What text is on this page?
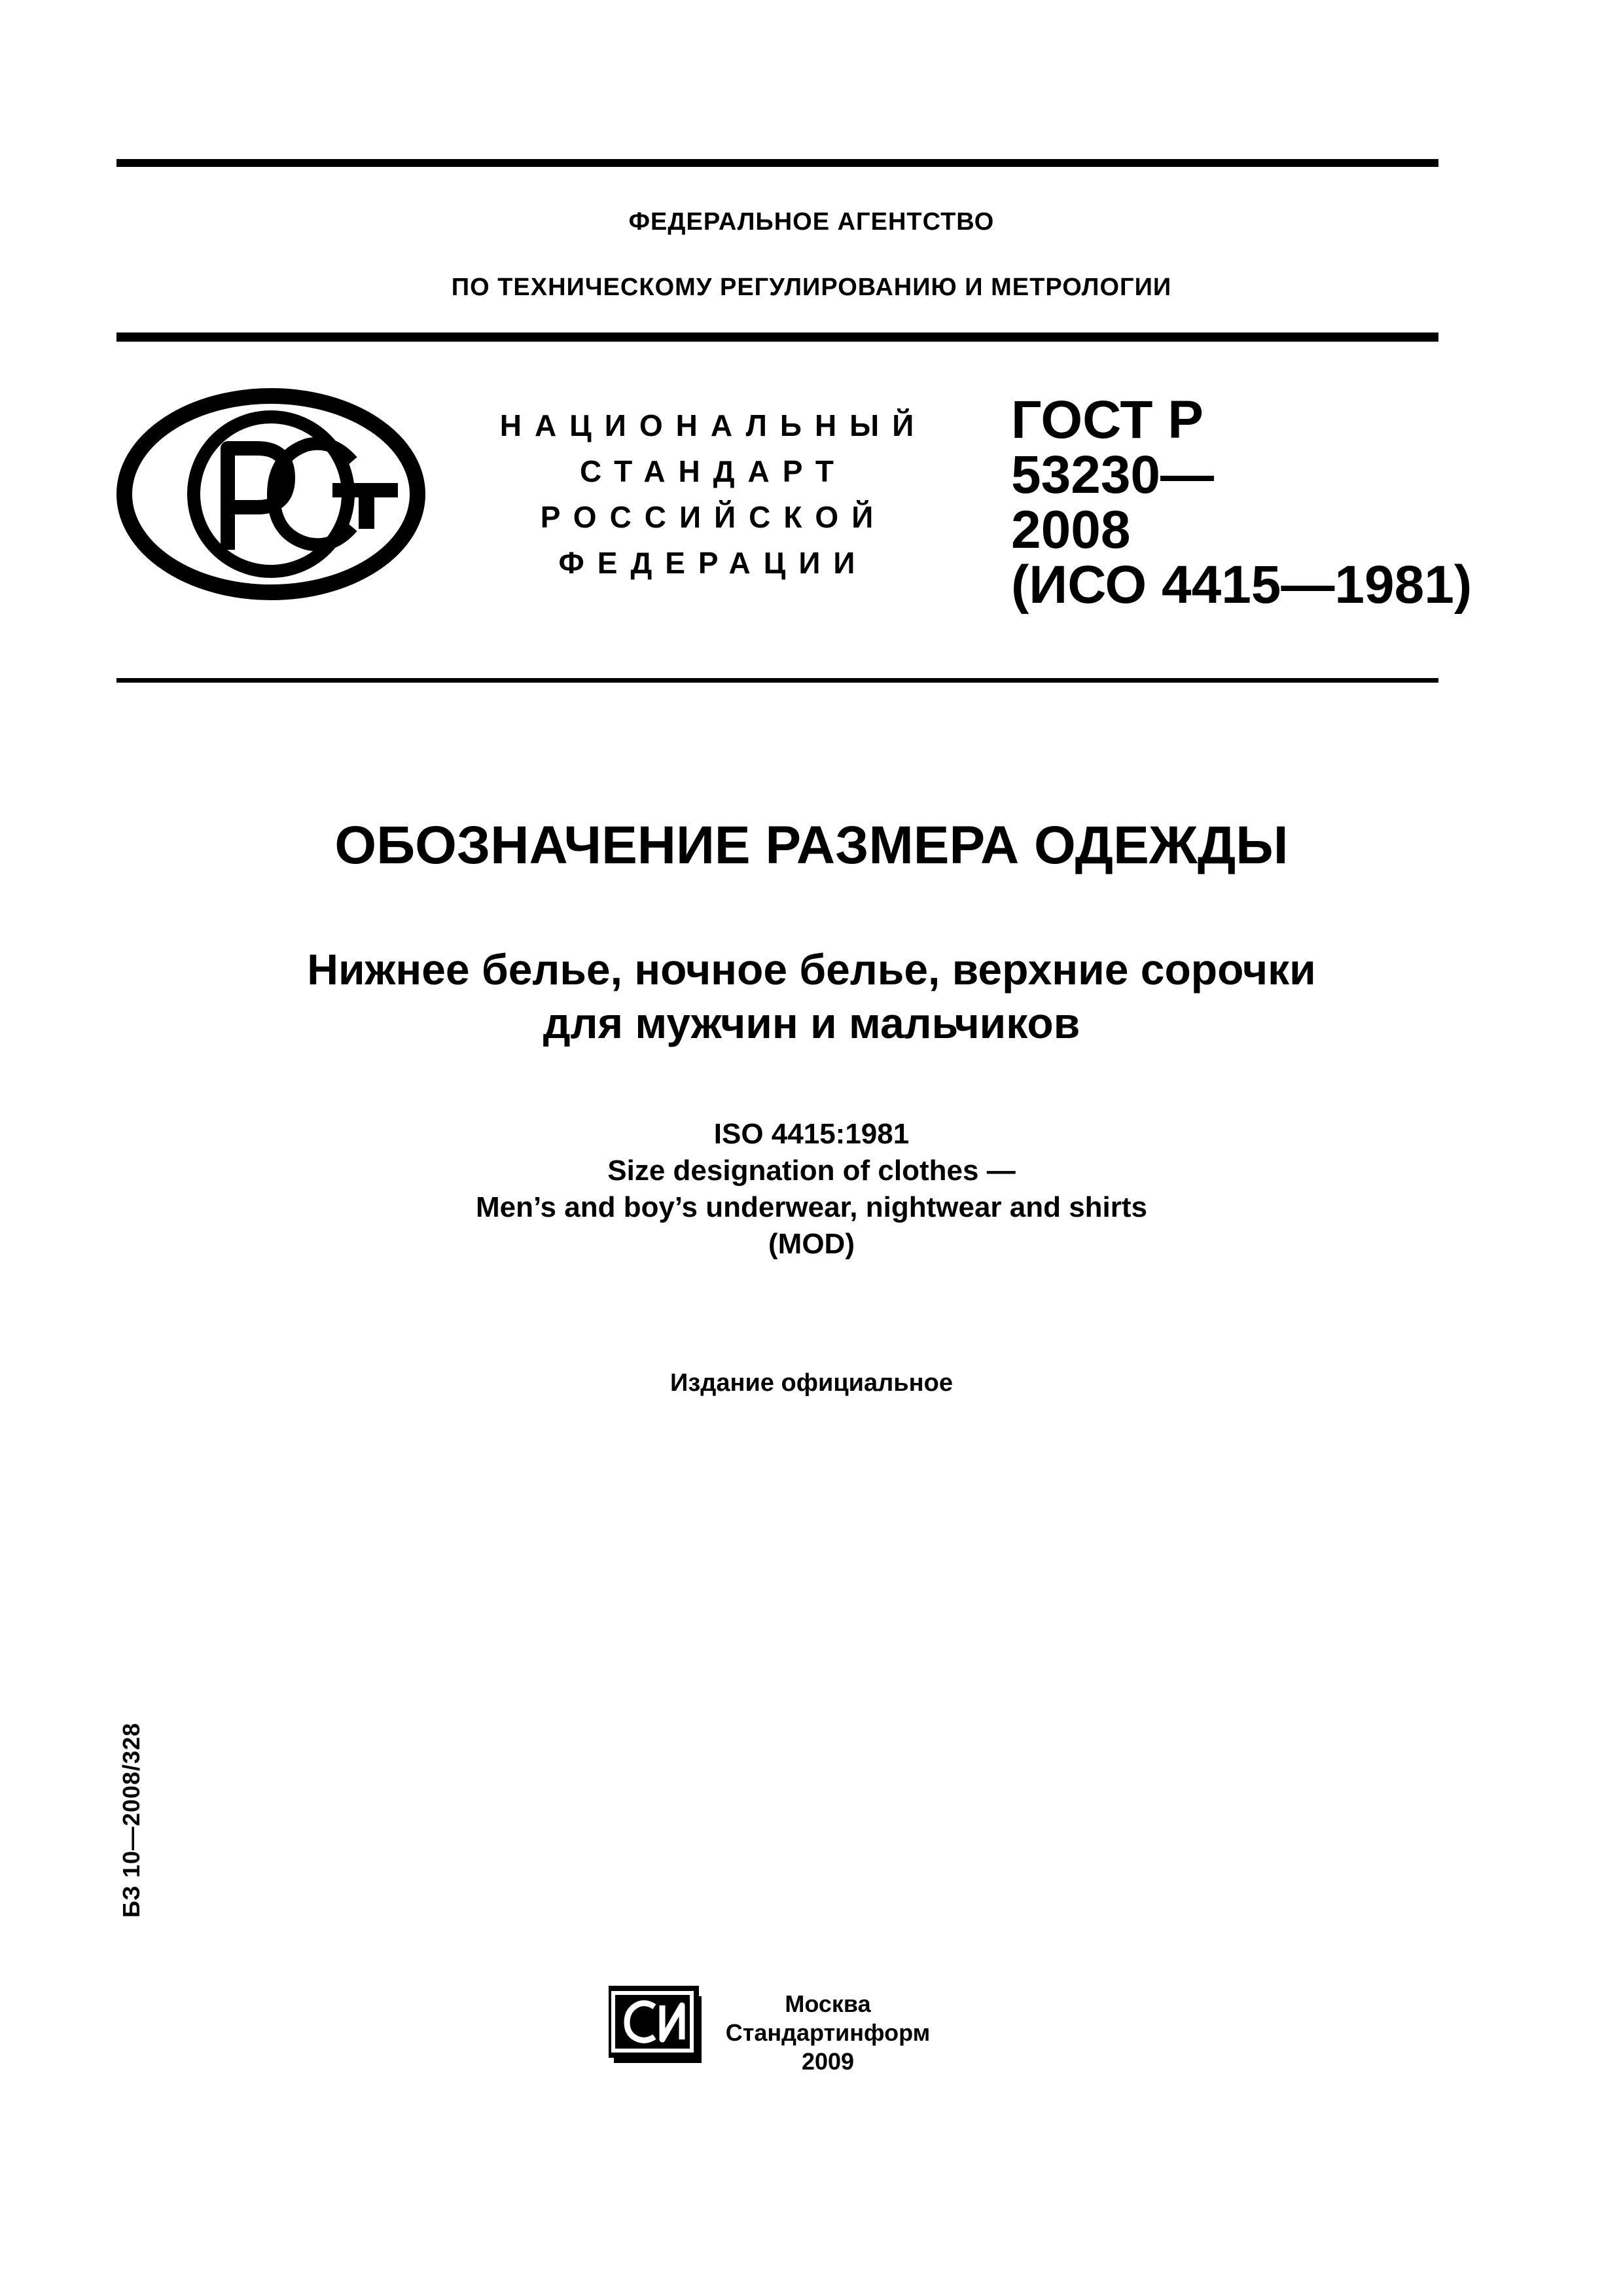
ФЕДЕРАЛЬНОЕ АГЕНТСТВО
ПО ТЕХНИЧЕСКОМУ РЕГУЛИРОВАНИЮ И МЕТРОЛОГИИ
НАЦИОНАЛЬНЫЙ
СТАНДАРТ
РОССИЙСКОЙ
ФЕДЕРАЦИИ
ГОСТ Р
53230—
2008
(ИСО 4415—1981)
ОБОЗНАЧЕНИЕ РАЗМЕРА ОДЕЖДЫ
Нижнее белье, ночное белье, верхние сорочки
для мужчин и мальчиков
ISO 4415:1981
Size designation of clothes —
Men’s and boy’s underwear, nightwear and shirts
(MOD)
Издание официальное
БЗ 10—2008/328
Москва
Стандартинформ
2009
